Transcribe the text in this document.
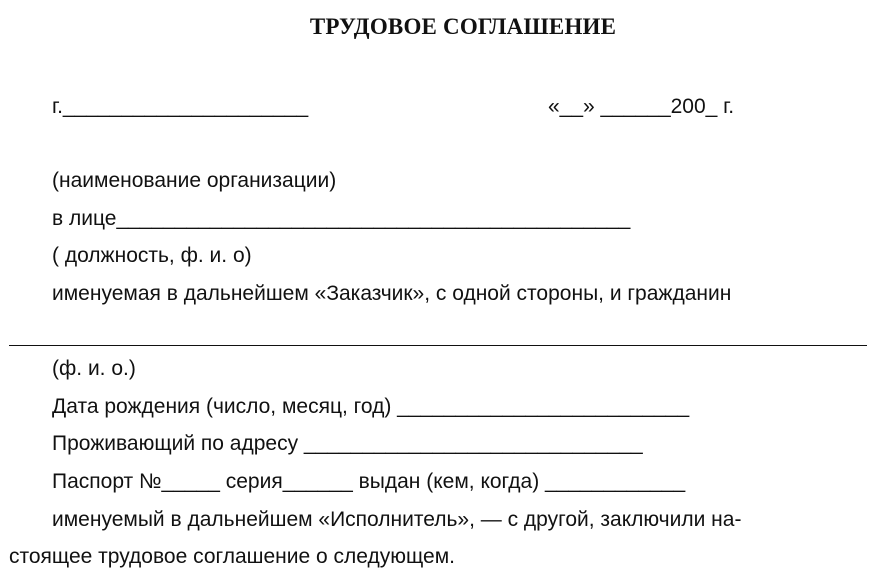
ТРУДОВОЕ СОГЛАШЕНИЕ
г._____________________	«__» ______200_ г.
(наименование организации)
в лице____________________________________________
( должность, ф. и. о)
именуемая в дальнейшем «Заказчик», с одной стороны, и гражданин
(ф. и. о.)
Дата рождения (число, месяц, год) _________________________
Проживающий по адресу _____________________________
Паспорт №_____ серия______ выдан (кем, когда) ____________
именуемый в дальнейшем «Исполнитель», — с другой, заключили на-
стоящее трудовое соглашение о следующем.
